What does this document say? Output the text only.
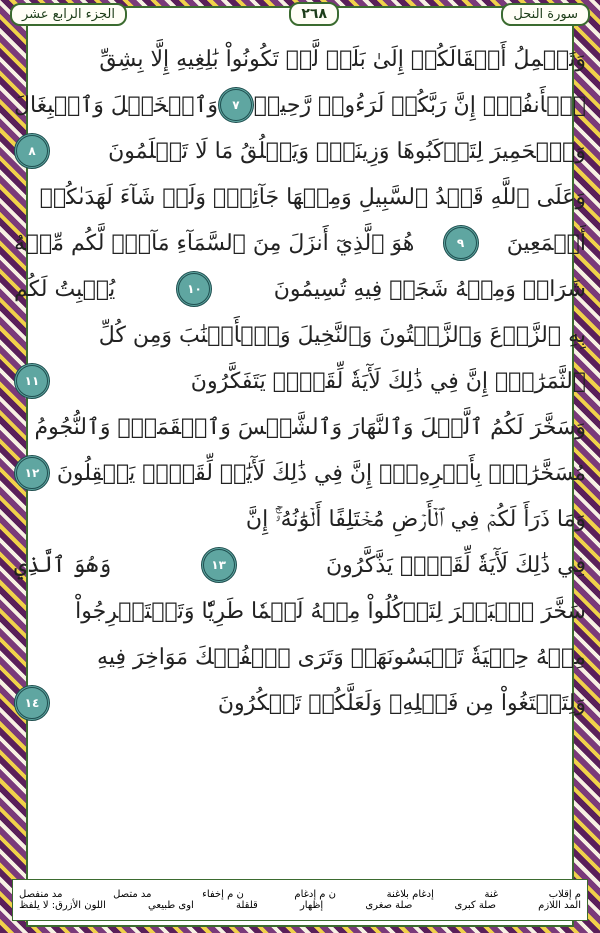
الجزء الرابع عشر	٢٦٨	سورة النحل
وَتَحۡمِلُ أَثۡقَالَكُمۡ إِلَىٰ بَلَدٖ لَّمۡ تَكُونُواْ بَٰلِغِيهِ إِلَّا بِشِقِّ
ٱلۡأَنفُسِۚ إِنَّ رَبَّكُمۡ لَرَءُوفٞ رَّحِيمٞ
٧
وَٱلۡخَيۡلَ وَٱلۡبِغَالَ
وَٱلۡحَمِيرَ لِتَرۡكَبُوهَا وَزِينَةٗۚ وَيَخۡلُقُ مَا لَا تَعۡلَمُونَ
٨
وَعَلَى ٱللَّهِ قَصۡدُ ٱلسَّبِيلِ وَمِنۡهَا جَآئِرٞۚ وَلَوۡ شَآءَ لَهَدَىٰكُمۡ
أَجۡمَعِينَ
٩
هُوَ ٱلَّذِيٓ أَنزَلَ مِنَ ٱلسَّمَآءِ مَآءٗۖ لَّكُم مِّنۡهُ
شَرَابٞ وَمِنۡهُ شَجَرٞ فِيهِ تُسِيمُونَ
١٠
يُنۢبِتُ لَكُم
بِهِ ٱلزَّرۡعَ وَٱلزَّيۡتُونَ وَٱلنَّخِيلَ وَٱلۡأَعۡنَٰبَ وَمِن كُلِّ
ٱلثَّمَرَٰتِۚ إِنَّ فِي ذَٰلِكَ لَأٓيَةٗ لِّقَوۡمٖ يَتَفَكَّرُونَ
١١
وَسَخَّرَ لَكُمُ ٱلَّيۡلَ وَٱلنَّهَارَ وَٱلشَّمۡسَ وَٱلۡقَمَرَۖ وَٱلنُّجُومُ
مُسَخَّرَٰتُۢ بِأَمۡرِهِۦٓۚ إِنَّ فِي ذَٰلِكَ لَأٓيَٰتٖ لِّقَوۡمٖ يَعۡقِلُونَ
١٢
وَمَا ذَرَأَ لَكُمۡ فِي ٱلۡأَرۡضِ مُخۡتَلِفًا أَلۡوَٰنُهُۥٓۚ إِنَّ
فِي ذَٰلِكَ لَأٓيَةٗ لِّقَوۡمٖ يَذَّكَّرُونَ
١٣
وَهُوَ ٱلَّذِي
سَخَّرَ ٱلۡبَحۡرَ لِتَأۡكُلُواْ مِنۡهُ لَحۡمٗا طَرِيّٗا وَتَسۡتَخۡرِجُواْ
مِنۡهُ حِلۡيَةٗ تَلۡبَسُونَهَاۖ وَتَرَى ٱلۡفُلۡكَ مَوَاخِرَ فِيهِ
وَلِتَبۡتَغُواْ مِن فَضۡلِهِۦ وَلَعَلَّكُمۡ تَشۡكُرُونَ
١٤
م إقلاب
غنة
إدغام بلاغنة
ن م إدغام
ن م إخفاء
مد متصل
مد منفصل
المد اللازم
صلة كبرى
صلة صغرى
إظهار
قلقلة
اوى طبيعي
اللون الأزرق: لا يلفظ
